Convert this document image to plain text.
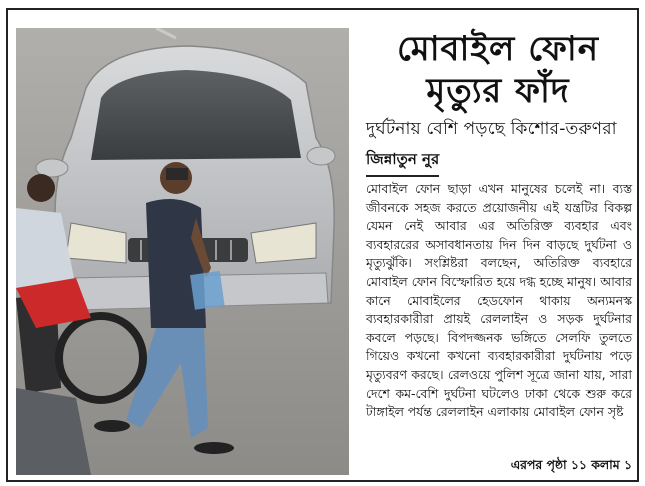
মোবাইল ফোন
মৃত্যুর ফাঁদ
দুর্ঘটনায় বেশি পড়ছে কিশোর-তরুণরা
জিন্নাতুন নুর
মোবাইল ফোন ছাড়া এখন মানুষের চলেই না। ব্যস্ত জীবনকে সহজ করতে প্রয়োজনীয় এই যন্ত্রটির বিকল্প যেমন নেই আবার এর অতিরিক্ত ব্যবহার এবং ব্যবহাররের অসাবধানতায় দিন দিন বাড়ছে দুর্ঘটনা ও মৃত্যুঝুঁকি। সংশ্লিষ্টরা বলছেন, অতিরিক্ত ব্যবহারে মোবাইল ফোন বিস্ফোরিত হয়ে দগ্ধ হচ্ছে মানুষ। আবার কানে মোবাইলের হেডফোন থাকায় অন্যমনস্ক ব্যবহারকারীরা প্রায়ই রেললাইন ও সড়ক দুর্ঘটনার কবলে পড়ছে। বিপদজ্জনক ভঙ্গিতে সেলফি তুলতে গিয়েও কখনো কখনো ব্যবহারকারীরা দুর্ঘটনায় পড়ে মৃত্যুবরণ করছে। রেলওয়ে পুলিশ সূত্রে জানা যায়, সারা দেশে কম-বেশি দুর্ঘটনা ঘটলেও ঢাকা থেকে শুরু করে টাঙ্গাইল পর্যন্ত রেললাইন এলাকায় মোবাইল ফোন সৃষ্ট
এরপর পৃষ্ঠা ১১ কলাম ১
